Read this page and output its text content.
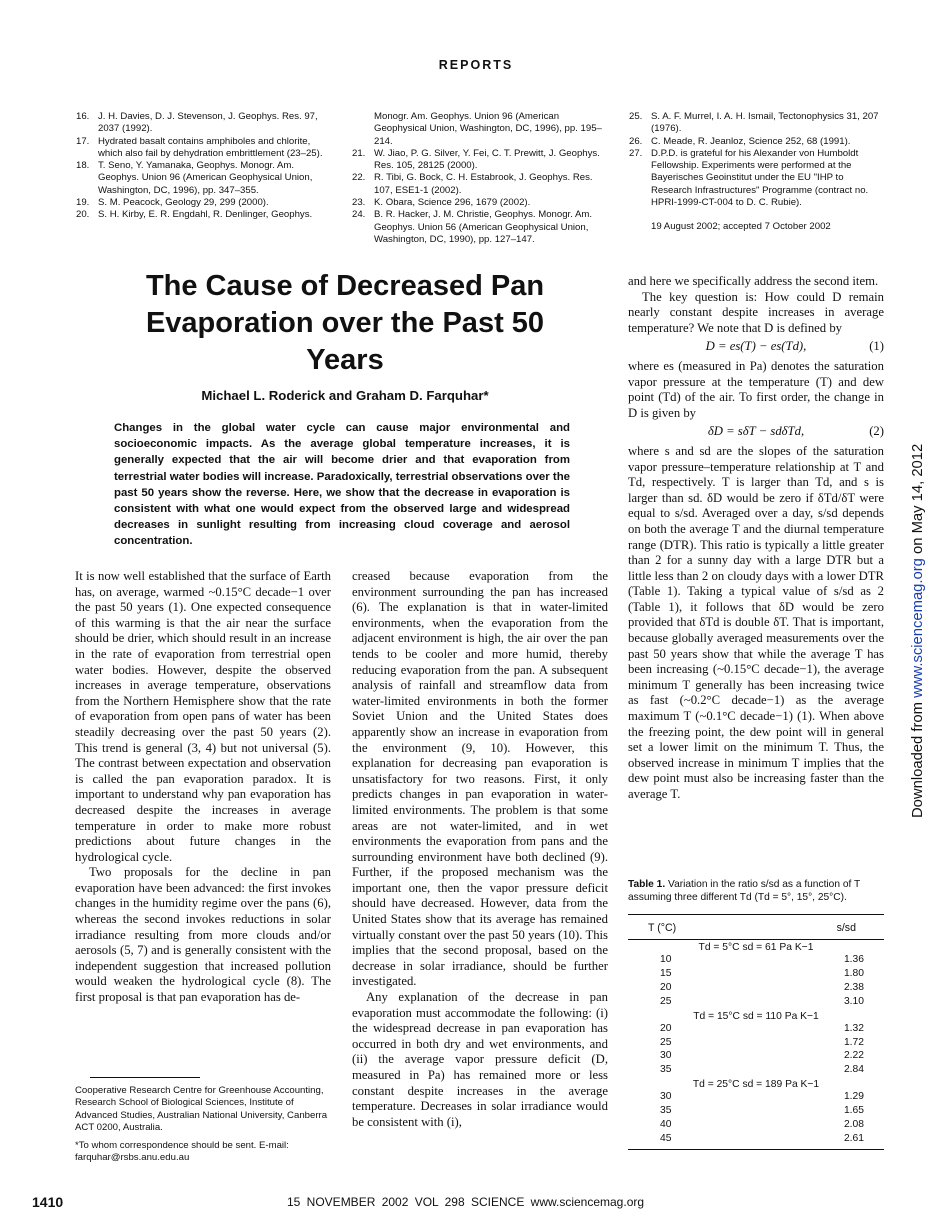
REPORTS
16. J. H. Davies, D. J. Stevenson, J. Geophys. Res. 97, 2037 (1992).
17. Hydrated basalt contains amphiboles and chlorite, which also fail by dehydration embrittlement (23–25).
18. T. Seno, Y. Yamanaka, Geophys. Monogr. Am. Geophys. Union 96 (American Geophysical Union, Washington, DC, 1996), pp. 347–355.
19. S. M. Peacock, Geology 29, 299 (2000).
20. S. H. Kirby, E. R. Engdahl, R. Denlinger, Geophys.
Monogr. Am. Geophys. Union 96 (American Geophysical Union, Washington, DC, 1996), pp. 195–214.
21. W. Jiao, P. G. Silver, Y. Fei, C. T. Prewitt, J. Geophys. Res. 105, 28125 (2000).
22. R. Tibi, G. Bock, C. H. Estabrook, J. Geophys. Res. 107, ESE1-1 (2002).
23. K. Obara, Science 296, 1679 (2002).
24. B. R. Hacker, J. M. Christie, Geophys. Monogr. Am. Geophys. Union 56 (American Geophysical Union, Washington, DC, 1990), pp. 127–147.
25. S. A. F. Murrel, I. A. H. Ismail, Tectonophysics 31, 207 (1976).
26. C. Meade, R. Jeanloz, Science 252, 68 (1991).
27. D.P.D. is grateful for his Alexander von Humboldt Fellowship. Experiments were performed at the Bayerisches Geoinstitut under the EU "IHP to Research Infrastructures" Programme (contract no. HPRI-1999-CT-004 to D. C. Rubie).
19 August 2002; accepted 7 October 2002
The Cause of Decreased Pan Evaporation over the Past 50 Years
Michael L. Roderick and Graham D. Farquhar*
Changes in the global water cycle can cause major environmental and socioeconomic impacts. As the average global temperature increases, it is generally expected that the air will become drier and that evaporation from terrestrial water bodies will increase. Paradoxically, terrestrial observations over the past 50 years show the reverse. Here, we show that the decrease in evaporation is consistent with what one would expect from the observed large and widespread decreases in sunlight resulting from increasing cloud coverage and aerosol concentration.

It is now well established that the surface of Earth has, on average, warmed ~0.15°C decade−1 over the past 50 years (1). One expected consequence of this warming is that the air near the surface should be drier, which should result in an increase in the rate of evaporation from terrestrial open water bodies. However, despite the observed increases in average temperature, observations from the Northern Hemisphere show that the rate of evaporation from open pans of water has been steadily decreasing over the past 50 years (2). This trend is general (3, 4) but not universal (5). The contrast between expectation and observation is called the pan evaporation paradox. It is important to understand why pan evaporation has decreased despite the increases in average temperature in order to make more robust predictions about future changes in the hydrological cycle.

Two proposals for the decline in pan evaporation have been advanced: the first invokes changes in the humidity regime over the pans (6), whereas the second invokes reductions in solar irradiance resulting from more clouds and/or aerosols (5, 7) and is generally consistent with the independent suggestion that increased pollution would weaken the hydrological cycle (8). The first proposal is that pan evaporation has de-

creased because evaporation from the environment surrounding the pan has increased (6). The explanation is that in water-limited environments, when the evaporation from the adjacent environment is high, the air over the pan tends to be cooler and more humid, thereby reducing evaporation from the pan. A subsequent analysis of rainfall and streamflow data from water-limited environments in both the former Soviet Union and the United States does apparently show an increase in evaporation from the environment (9, 10). However, this explanation for decreasing pan evaporation is unsatisfactory for two reasons. First, it only predicts changes in pan evaporation in water-limited environments. The problem is that some areas are not water-limited, and in wet environments the evaporation from pans and the surrounding environment have both declined (9). Further, if the proposed mechanism was the important one, then the vapor pressure deficit should have decreased. However, data from the United States show that its average has remained virtually constant over the past 50 years (10). This implies that the second proposal, based on the decrease in solar irradiance, should be further investigated.

Any explanation of the decrease in pan evaporation must accommodate the following: (i) the widespread decrease in pan evaporation has occurred in both dry and wet environments, and (ii) the average vapor pressure deficit (D, measured in Pa) has remained more or less constant despite increases in the average temperature. Decreases in solar irradiance would be consistent with (i),

and here we specifically address the second item.

The key question is: How could D remain nearly constant despite increases in average temperature? We note that D is defined by

D = es(T) − es(Td),	(1)

where es (measured in Pa) denotes the saturation vapor pressure at the temperature (T) and dew point (Td) of the air. To first order, the change in D is given by

δD = sδT − sdδTd,	(2)

where s and sd are the slopes of the saturation vapor pressure–temperature relationship at T and Td, respectively. T is larger than Td, and s is larger than sd. δD would be zero if δTd/δT were equal to s/sd. Averaged over a day, s/sd depends on both the average T and the diurnal temperature range (DTR). This ratio is typically a little greater than 2 for a sunny day with a large DTR but a little less than 2 on cloudy days with a lower DTR (Table 1). Taking a typical value of s/sd as 2 (Table 1), it follows that δD would be zero provided that δTd is double δT. That is important, because globally averaged measurements over the past 50 years show that while the average T has been increasing (~0.15°C decade−1), the average minimum T generally has been increasing twice as fast (~0.2°C decade−1) as the average maximum T (~0.1°C decade−1) (1). When above the freezing point, the dew point will in general set a lower limit on the minimum T. Thus, the observed increase in minimum T implies that the dew point must also be increasing faster than the average T.

Cooperative Research Centre for Greenhouse Accounting, Research School of Biological Sciences, Institute of Advanced Studies, Australian National University, Canberra ACT 0200, Australia.

*To whom correspondence should be sent. E-mail: farquhar@rsbs.anu.edu.au

Table 1. Variation in the ratio s/sd as a function of T assuming three different Td (Td = 5°, 15°, 25°C).
T (°C)	s/sd
Td = 5°C sd = 61 Pa K−1
10	1.36
15	1.80
20	2.38
25	3.10
Td = 15°C sd = 110 Pa K−1
20	1.32
25	1.72
30	2.22
35	2.84
Td = 25°C sd = 189 Pa K−1
30	1.29
35	1.65
40	2.08
45	2.61
1410	15 NOVEMBER 2002 VOL 298 SCIENCE www.sciencemag.org
Downloaded from www.sciencemag.org on May 14, 2012
